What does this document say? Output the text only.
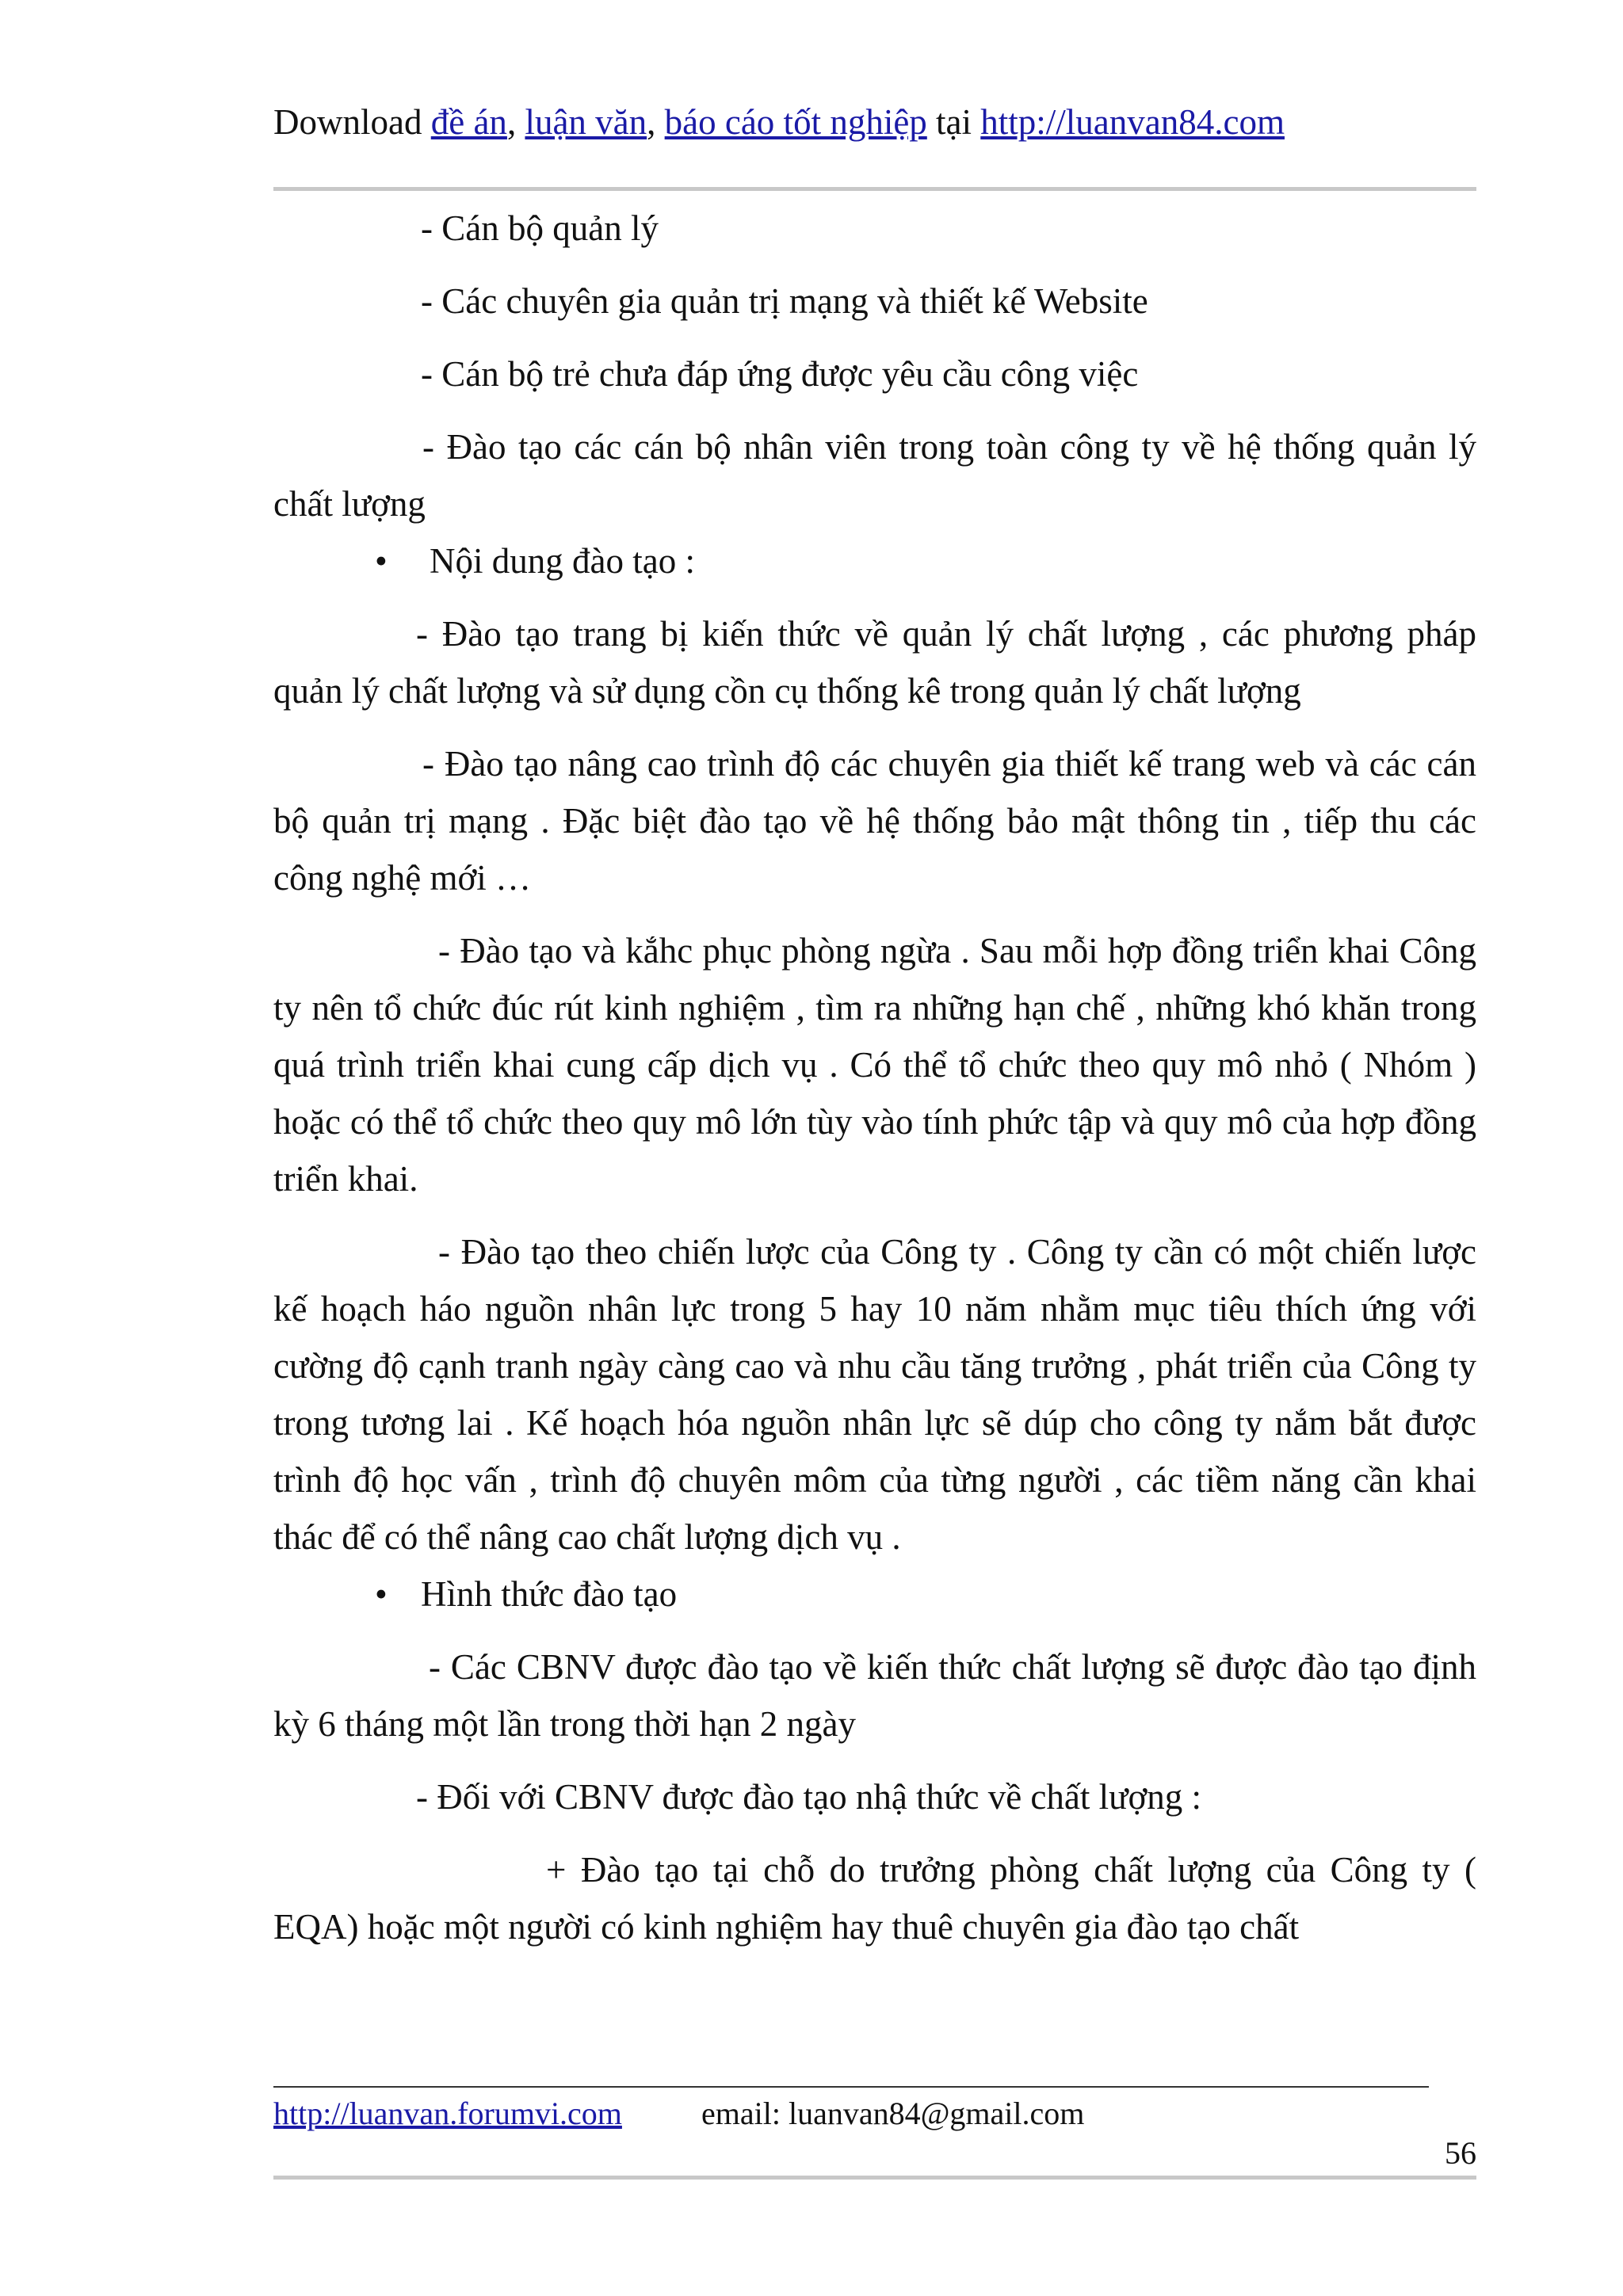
Download đề án, luận văn, báo cáo tốt nghiệp tại http://luanvan84.com

- Cán bộ quản lý

- Các chuyên gia quản trị mạng và thiết kế Website

- Cán bộ trẻ chưa đáp ứng được yêu cầu công việc

- Đào tạo các cán bộ nhân viên trong toàn công ty về hệ thống quản lý chất lượng

•	Nội dung đào tạo :

- Đào tạo trang bị kiến thức về quản lý chất lượng , các phương pháp quản lý chất lượng và sử dụng cồn cụ thống kê trong quản lý chất lượng

- Đào tạo nâng cao trình độ các chuyên gia thiết kế trang web và các cán bộ quản trị mạng . Đặc biệt đào tạo về hệ thống bảo mật thông tin , tiếp thu các công nghệ mới …

- Đào tạo và kắhc phục phòng ngừa . Sau mỗi hợp đồng triển khai Công ty nên tổ chức đúc rút kinh nghiệm , tìm ra những hạn chế , những khó khăn trong quá trình triển khai cung cấp dịch vụ . Có thể tổ chức theo quy mô nhỏ ( Nhóm ) hoặc có thể tổ chức theo quy mô lớn tùy vào tính phức tập và quy mô của hợp đồng triển khai.

- Đào tạo theo chiến lược của Công ty . Công ty cần có một chiến lược kế hoạch háo nguồn nhân lực trong 5 hay 10 năm nhằm mục tiêu thích ứng với cường độ cạnh tranh ngày càng cao và nhu cầu tăng trưởng , phát triển của Công ty trong tương lai . Kế hoạch hóa nguồn nhân lực sẽ dúp cho công ty nắm bắt được trình độ học vấn , trình độ chuyên môm của từng người , các tiềm năng cần khai thác để có thể nâng cao chất lượng dịch vụ .

• Hình thức đào tạo

- Các CBNV được đào tạo về kiến thức chất lượng sẽ được đào tạo định kỳ 6 tháng một lần trong thời hạn 2 ngày

- Đối với CBNV được đào tạo nhậ thức về chất lượng :

+ Đào tạo tại chỗ do trưởng phòng chất lượng của Công ty ( EQA) hoặc một người có kinh nghiệm hay thuê chuyên gia đào tạo chất

http://luanvan.forumvi.com	email: luanvan84@gmail.com
56
